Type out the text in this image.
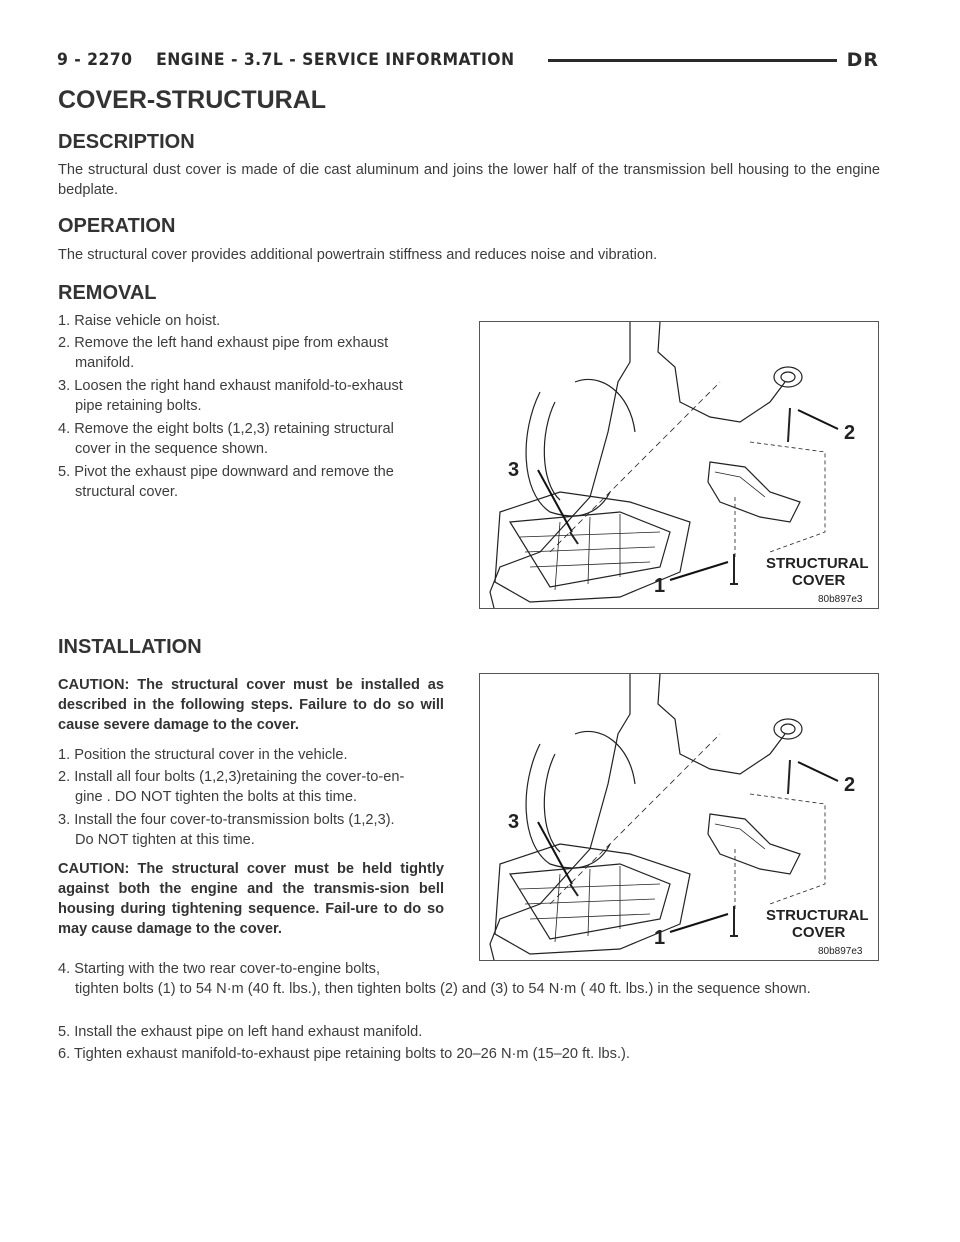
9 - 2270    ENGINE - 3.7L - SERVICE INFORMATION	DR
COVER-STRUCTURAL
DESCRIPTION

The structural dust cover is made of die cast aluminum and joins the lower half of the transmission bell housing to the engine bedplate.

OPERATION

The structural cover provides additional powertrain stiffness and reduces noise and vibration.

REMOVAL
1. Raise vehicle on hoist.
2. Remove the left hand exhaust pipe from exhaust
manifold.
3. Loosen the right hand exhaust manifold-to-exhaust
pipe retaining bolts.
4. Remove the eight bolts (1,2,3) retaining structural
cover in the sequence shown.
5. Pivot the exhaust pipe downward and remove the
structural cover.
2
3
1
STRUCTURAL
COVER
80b897e3
INSTALLATION
CAUTION: The structural cover must be installed as described in the following steps. Failure to do so will cause severe damage to the cover.
1. Position the structural cover in the vehicle.
2. Install all four bolts (1,2,3)retaining the cover-to-en-
gine . DO NOT tighten the bolts at this time.
3. Install the four cover-to-transmission bolts (1,2,3).
Do NOT tighten at this time.
CAUTION: The structural cover must be held tightly against both the engine and the transmis-sion bell housing during tightening sequence. Fail-ure to do so may cause damage to the cover.
4. Starting with the two rear cover-to-engine bolts,
tighten bolts (1) to 54 N·m (40 ft. lbs.), then tighten bolts (2) and (3) to 54 N·m ( 40 ft. lbs.) in the sequence shown.
5. Install the exhaust pipe on left hand exhaust manifold.
6. Tighten exhaust manifold-to-exhaust pipe retaining bolts to 20–26 N·m (15–20 ft. lbs.).
2
3
1
STRUCTURAL
COVER
80b897e3
